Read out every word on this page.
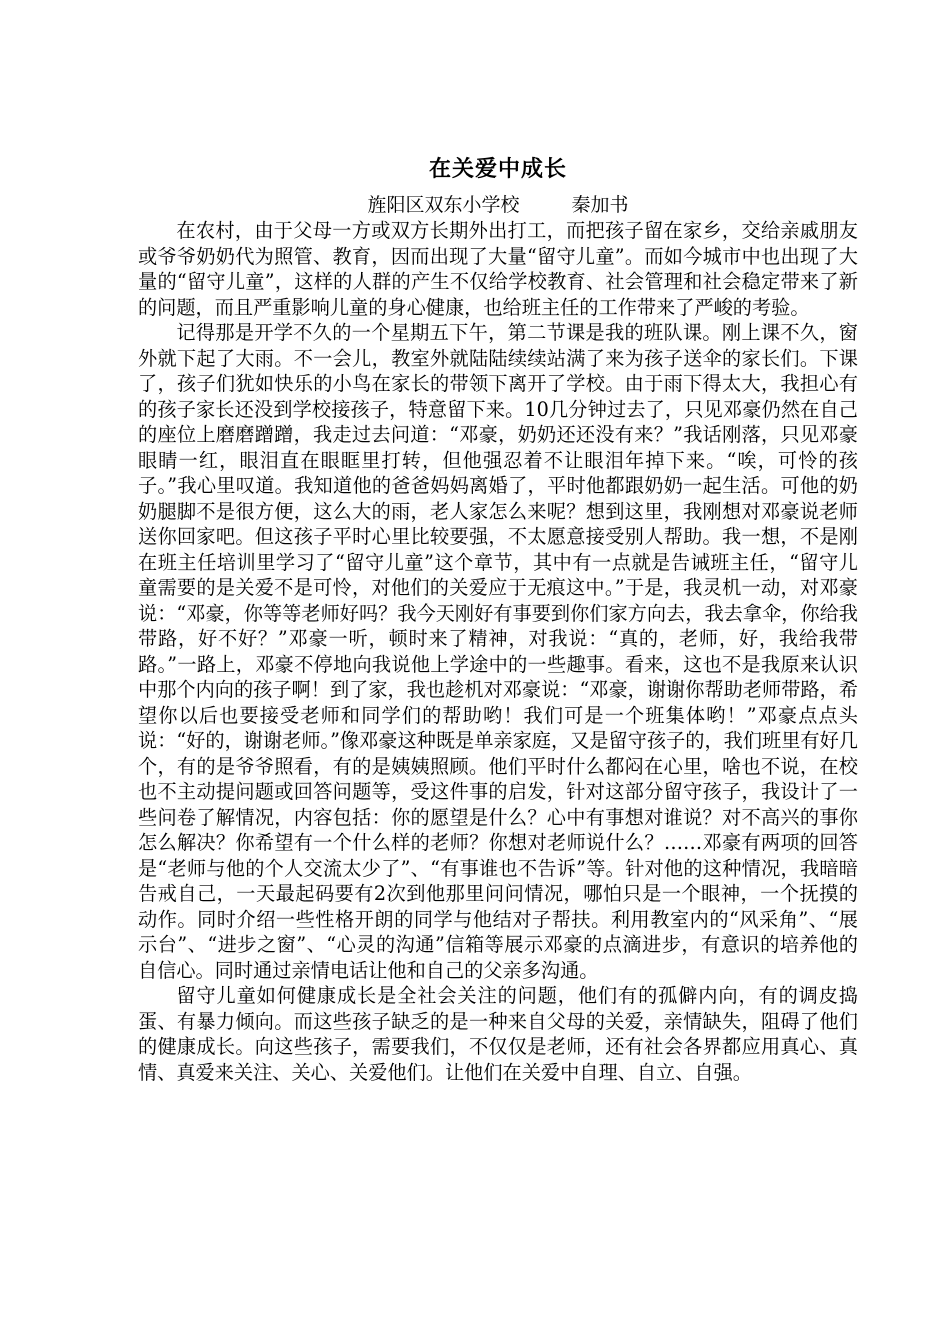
在关爱中成长
旌阳区双东小学校	秦加书

在农村，由于父母一方或双方长期外出打工，而把孩子留在家乡，交给亲戚朋友或爷爷奶奶代为照管、教育，因而出现了大量“留守儿童”。而如今城市中也出现了大量的“留守儿童”，这样的人群的产生不仅给学校教育、社会管理和社会稳定带来了新的问题，而且严重影响儿童的身心健康，也给班主任的工作带来了严峻的考验。

记得那是开学不久的一个星期五下午，第二节课是我的班队课。刚上课不久，窗外就下起了大雨。不一会儿，教室外就陆陆续续站满了来为孩子送伞的家长们。下课了，孩子们犹如快乐的小鸟在家长的带领下离开了学校。由于雨下得太大，我担心有的孩子家长还没到学校接孩子，特意留下来。10几分钟过去了，只见邓豪仍然在自己的座位上磨磨蹭蹭，我走过去问道：“邓豪，奶奶还还没有来？”我话刚落，只见邓豪眼睛一红，眼泪直在眼眶里打转，但他强忍着不让眼泪年掉下来。“唉，可怜的孩子。”我心里叹道。我知道他的爸爸妈妈离婚了，平时他都跟奶奶一起生活。可他的奶奶腿脚不是很方便，这么大的雨，老人家怎么来呢？想到这里，我刚想对邓豪说老师送你回家吧。但这孩子平时心里比较要强，不太愿意接受别人帮助。我一想，不是刚在班主任培训里学习了“留守儿童”这个章节，其中有一点就是告诫班主任，“留守儿童需要的是关爱不是可怜，对他们的关爱应于无痕这中。”于是，我灵机一动，对邓豪说：“邓豪，你等等老师好吗？我今天刚好有事要到你们家方向去，我去拿伞，你给我带路，好不好？”邓豪一听，顿时来了精神，对我说：“真的，老师，好，我给我带路。”一路上，邓豪不停地向我说他上学途中的一些趣事。看来，这也不是我原来认识中那个内向的孩子啊！到了家，我也趁机对邓豪说：“邓豪，谢谢你帮助老师带路，希望你以后也要接受老师和同学们的帮助哟！我们可是一个班集体哟！”邓豪点点头说：“好的，谢谢老师。”像邓豪这种既是单亲家庭，又是留守孩子的，我们班里有好几个，有的是爷爷照看，有的是姨姨照顾。他们平时什么都闷在心里，啥也不说，在校也不主动提问题或回答问题等，受这件事的启发，针对这部分留守孩子，我设计了一些问卷了解情况，内容包括：你的愿望是什么？心中有事想对谁说？对不高兴的事你怎么解决？你希望有一个什么样的老师？你想对老师说什么？……邓豪有两项的回答是“老师与他的个人交流太少了”、“有事谁也不告诉”等。针对他的这种情况，我暗暗告戒自己，一天最起码要有2次到他那里问问情况，哪怕只是一个眼神，一个抚摸的动作。同时介绍一些性格开朗的同学与他结对子帮扶。利用教室内的“风采角”、“展示台”、“进步之窗”、“心灵的沟通”信箱等展示邓豪的点滴进步，有意识的培养他的自信心。同时通过亲情电话让他和自己的父亲多沟通。

留守儿童如何健康成长是全社会关注的问题，他们有的孤僻内向，有的调皮捣蛋、有暴力倾向。而这些孩子缺乏的是一种来自父母的关爱，亲情缺失，阻碍了他们的健康成长。向这些孩子，需要我们，不仅仅是老师，还有社会各界都应用真心、真情、真爱来关注、关心、关爱他们。让他们在关爱中自理、自立、自强。
